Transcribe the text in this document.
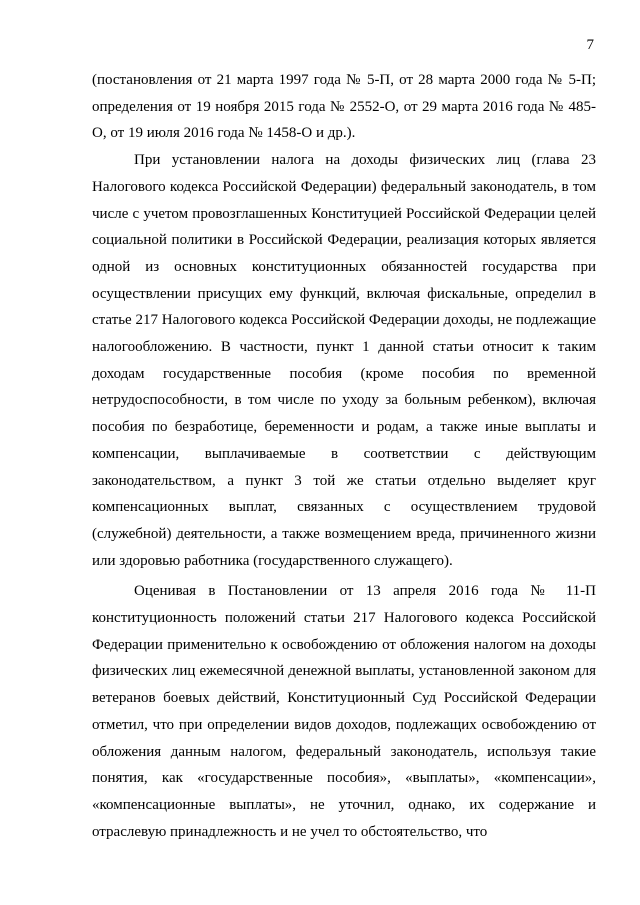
7

(постановления от 21 марта 1997 года № 5-П, от 28 марта 2000 года № 5-П; определения от 19 ноября 2015 года № 2552-О, от 29 марта 2016 года № 485-О, от 19 июля 2016 года № 1458-О и др.).

При установлении налога на доходы физических лиц (глава 23 Налогового кодекса Российской Федерации) федеральный законодатель, в том числе с учетом провозглашенных Конституцией Российской Федерации целей социальной политики в Российской Федерации, реализация которых является одной из основных конституционных обязанностей государства при осуществлении присущих ему функций, включая фискальные, определил в статье 217 Налогового кодекса Российской Федерации доходы, не подлежащие налогообложению. В частности, пункт 1 данной статьи относит к таким доходам государственные пособия (кроме пособия по временной нетрудоспособности, в том числе по уходу за больным ребенком), включая пособия по безработице, беременности и родам, а также иные выплаты и компенсации, выплачиваемые в соответствии с действующим законодательством, а пункт 3 той же статьи отдельно выделяет круг компенсационных выплат, связанных с осуществлением трудовой (служебной) деятельности, а также возмещением вреда, причиненного жизни или здоровью работника (государственного служащего).

Оценивая в Постановлении от 13 апреля 2016 года № 11-П конституционность положений статьи 217 Налогового кодекса Российской Федерации применительно к освобождению от обложения налогом на доходы физических лиц ежемесячной денежной выплаты, установленной законом для ветеранов боевых действий, Конституционный Суд Российской Федерации отметил, что при определении видов доходов, подлежащих освобождению от обложения данным налогом, федеральный законодатель, используя такие понятия, как «государственные пособия», «выплаты», «компенсации», «компенсационные выплаты», не уточнил, однако, их содержание и отраслевую принадлежность и не учел то обстоятельство, что
